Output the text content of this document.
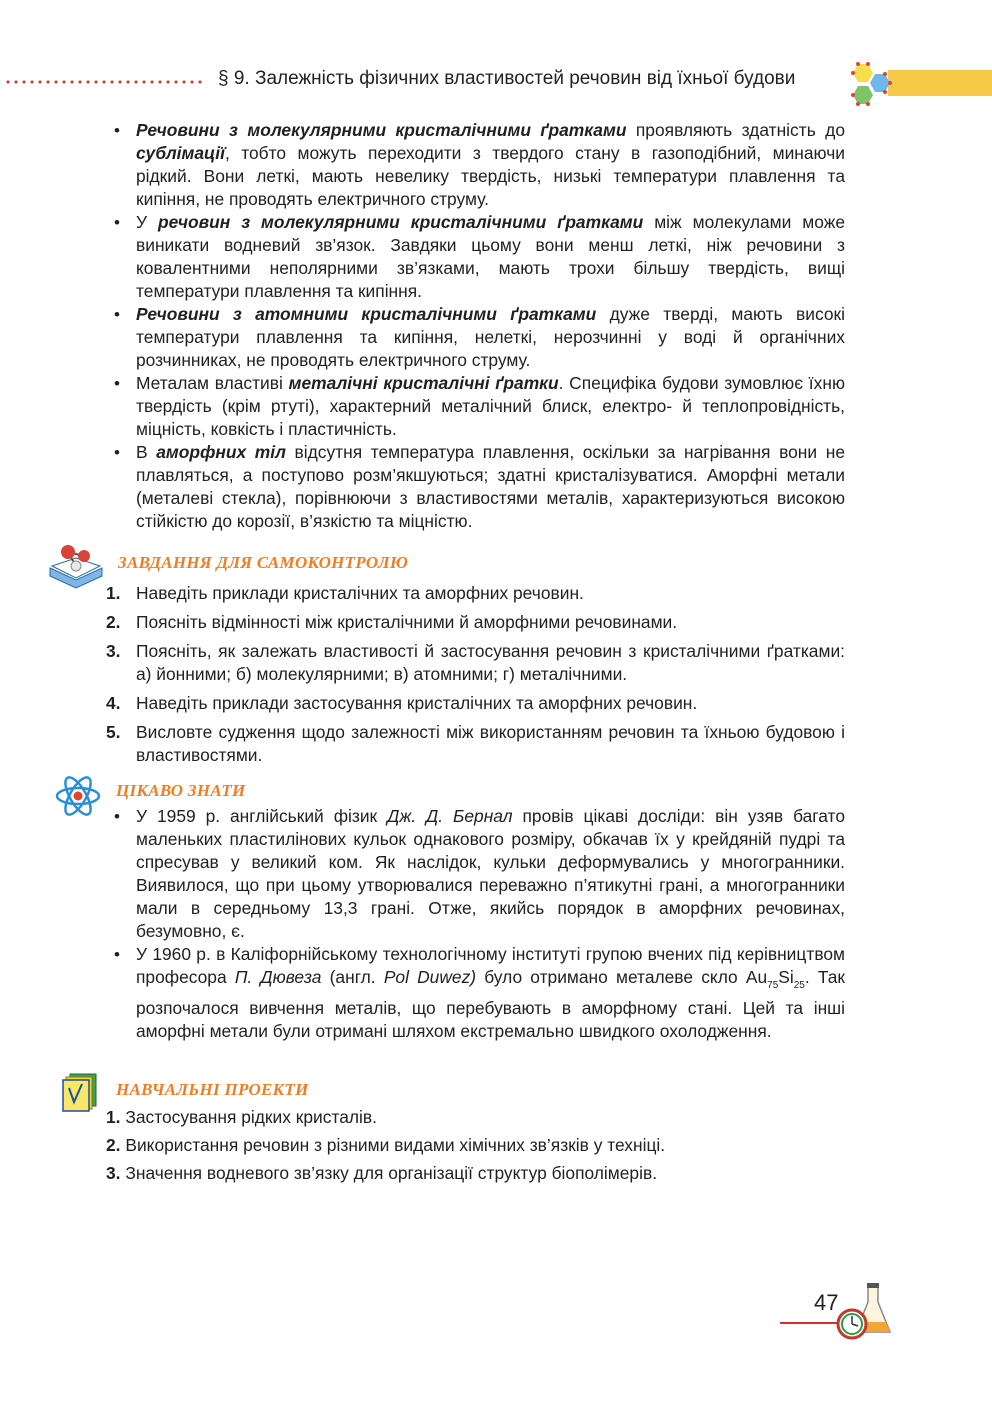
§ 9. Залежність фізичних властивостей речовин від їхньої будови

• Речовини з молекулярними кристалічними ґратками проявляють здатність до сублімації, тобто можуть переходити з твердого стану в газоподібний, минаючи рідкий. Вони леткі, мають невелику твердість, низькі температури плавлення та кипіння, не проводять електричного струму.

• У речовин з молекулярними кристалічними ґратками між молекулами може виникати водневий зв’язок. Завдяки цьому вони менш леткі, ніж речовини з ковалентними неполярними зв’язками, мають трохи більшу твердість, вищі температури плавлення та кипіння.

• Речовини з атомними кристалічними ґратками дуже тверді, мають високі температури плавлення та кипіння, нелеткі, нерозчинні у воді й органічних розчинниках, не проводять електричного струму.

• Металам властиві металічні кристалічні ґратки. Специфіка будови зумовлює їхню твердість (крім ртуті), характерний металічний блиск, електро- й теплопровідність, міцність, ковкість і пластичність.

• В аморфних тіл відсутня температура плавлення, оскільки за нагрівання вони не плавляться, а поступово розм’якшуються; здатні кристалізуватися. Аморфні метали (металеві стекла), порівнюючи з властивостями металів, характеризуються високою стійкістю до корозії, в’язкістю та міцністю.

ЗАВДАННЯ ДЛЯ САМОКОНТРОЛЮ

1. Наведіть приклади кристалічних та аморфних речовин.

2. Поясніть відмінності між кристалічними й аморфними речовинами.

3. Поясніть, як залежать властивості й застосування речовин з кристалічними ґратками: а) йонними; б) молекулярними; в) атомними; г) металічними.

4. Наведіть приклади застосування кристалічних та аморфних речовин.

5. Висловте судження щодо залежності між використанням речовин та їхньою будовою і властивостями.

ЦІКАВО ЗНАТИ

• У 1959 р. англійський фізик Дж. Д. Бернал провів цікаві досліди: він узяв багато маленьких пластилінових кульок однакового розміру, обкачав їх у крейдяній пудрі та спресував у великий ком. Як наслідок, кульки деформувались у многогранники. Виявилося, що при цьому утворювалися переважно п’ятикутні грані, а многогранники мали в середньому 13,3 грані. Отже, якийсь порядок в аморфних речовинах, безумовно, є.

• У 1960 р. в Каліфорнійському технологічному інституті групою вчених під керівництвом професора П. Дювеза (англ. Pol Duwez) було отримано металеве скло $Au_{75}Si_{25}$. Так розпочалося вивчення металів, що перебувають в аморфному стані. Цей та інші аморфні метали були отримані шляхом екстремально швидкого охолодження.

НАВЧАЛЬНІ ПРОЕКТИ

1. Застосування рідких кристалів.

2. Використання речовин з різними видами хімічних зв’язків у техніці.

3. Значення водневого зв’язку для організації структур біополімерів.

47
